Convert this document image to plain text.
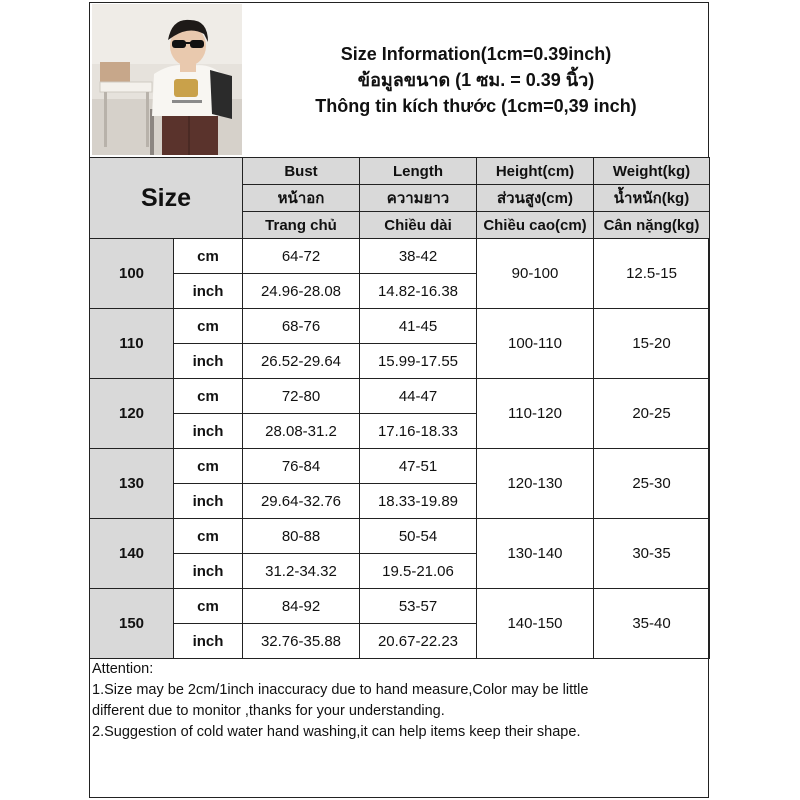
Size Information(1cm=0.39inch)
ข้อมูลขนาด (1 ซม. = 0.39 นิ้ว)
Thông tin kích thước (1cm=0,39 inch)
Size		Bust	Length	Height(cm)	Weight(kg)
		หน้าอก	ความยาว	ส่วนสูง(cm)	น้ำหนัก(kg)
		Trang chủ	Chiều dài	Chiều cao(cm)	Cân nặng(kg)
100	cm	64-72	38-42	90-100	12.5-15
	inch	24.96-28.08	14.82-16.38		
110	cm	68-76	41-45	100-110	15-20
	inch	26.52-29.64	15.99-17.55		
120	cm	72-80	44-47	110-120	20-25
	inch	28.08-31.2	17.16-18.33		
130	cm	76-84	47-51	120-130	25-30
	inch	29.64-32.76	18.33-19.89		
140	cm	80-88	50-54	130-140	30-35
	inch	31.2-34.32	19.5-21.06		
150	cm	84-92	53-57	140-150	35-40
	inch	32.76-35.88	20.67-22.23		
Attention:
1.Size may be 2cm/1inch inaccuracy due to hand measure,Color may be little
different due to monitor ,thanks for your understanding.
2.Suggestion of cold water hand washing,it can help items keep their shape.
